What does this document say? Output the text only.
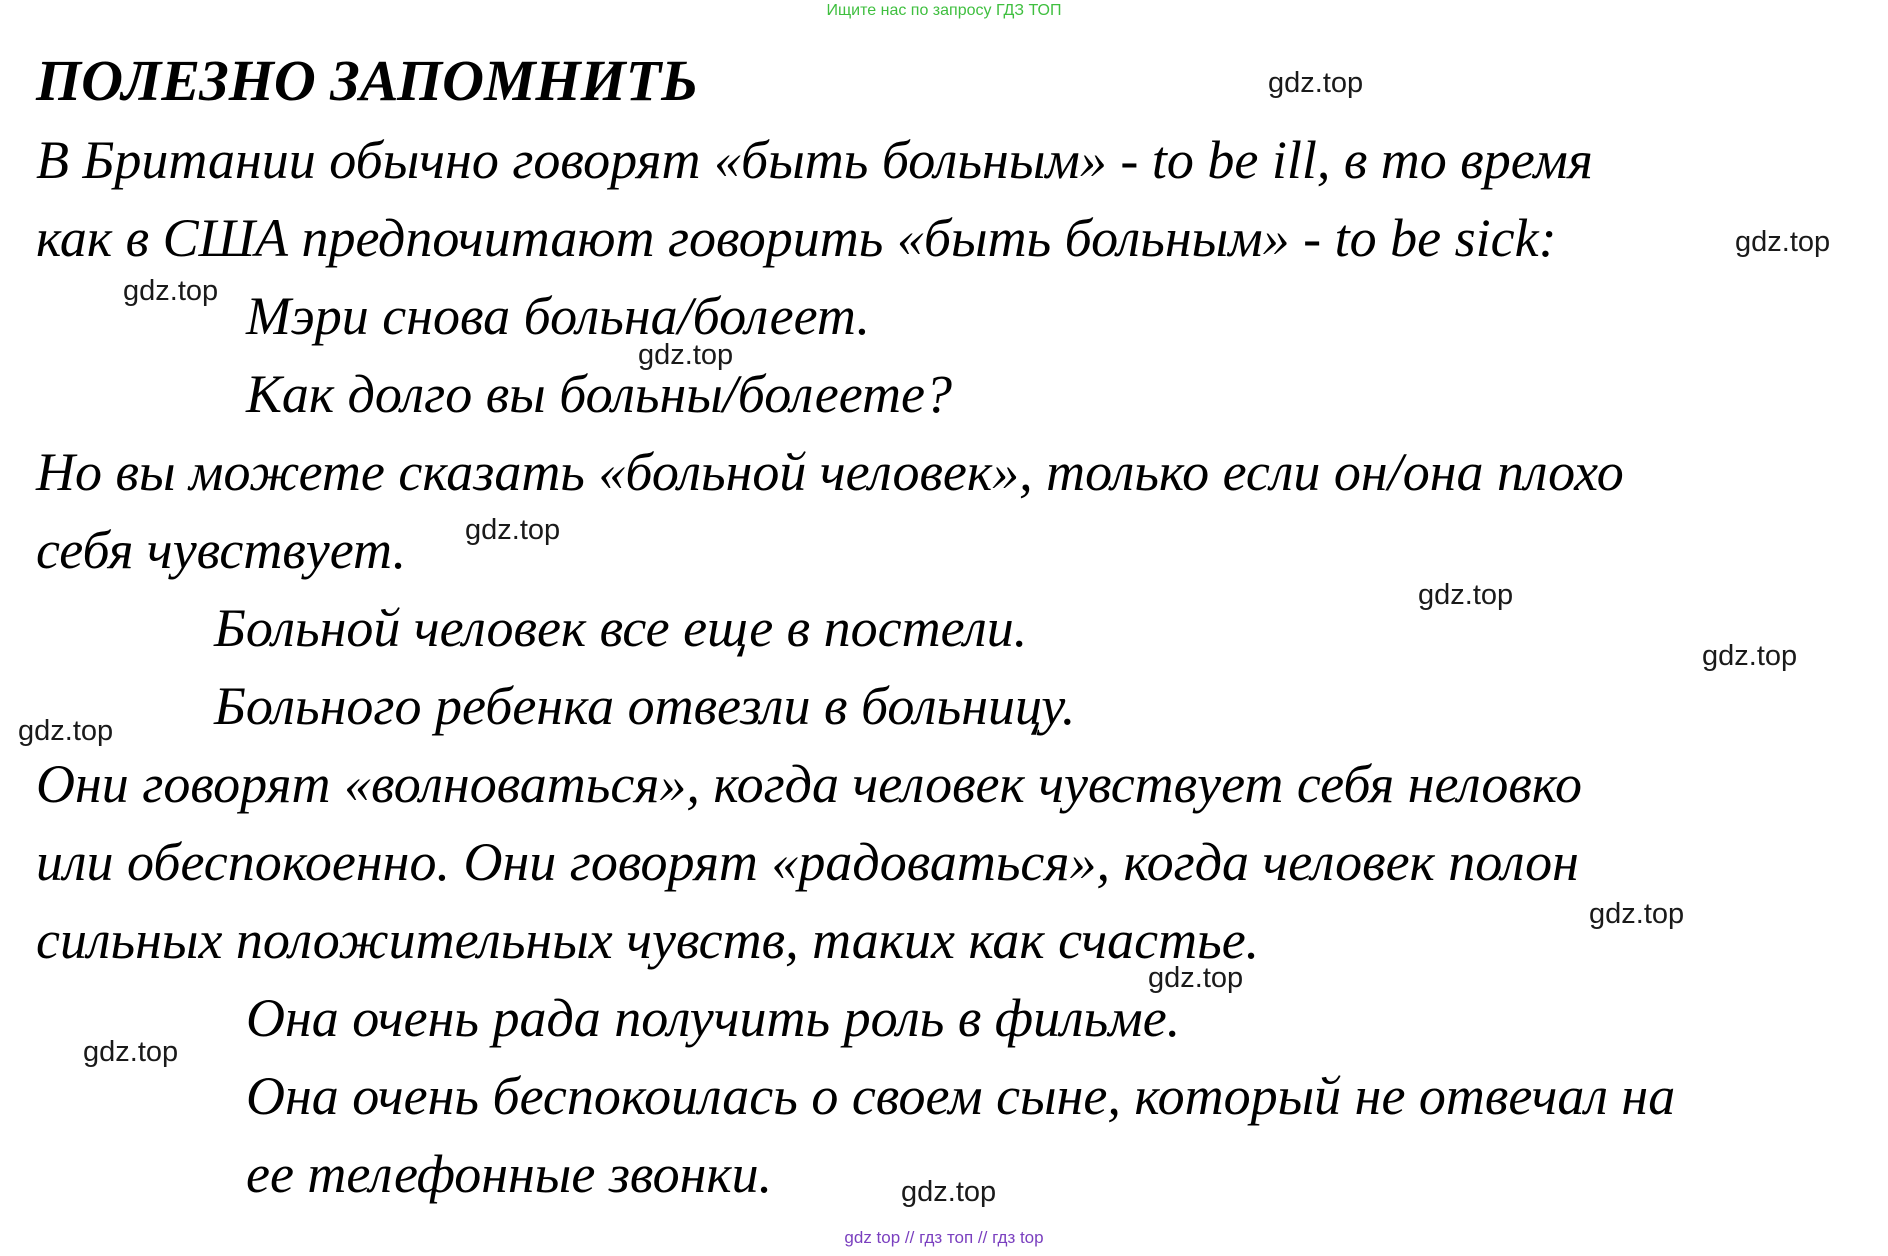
Ищите нас по запросу ГДЗ ТОП
ПОЛЕЗНО ЗАПОМНИТЬ
В Британии обычно говорят «быть больным» - to be ill, в то время
как в США предпочитают говорить «быть больным» - to be sick:
Мэри снова больна/болеет.
Как долго вы больны/болеете?
Но вы можете сказать «больной человек», только если он/она плохо
себя чувствует.
Больной человек все еще в постели.
Больного ребенка отвезли в больницу.
Они говорят «волноваться», когда человек чувствует себя неловко
или обеспокоенно. Они говорят «радоваться», когда человек полон
сильных положительных чувств, таких как счастье.
Она очень рада получить роль в фильме.
Она очень беспокоилась о своем сыне, который не отвечал на
ее телефонные звонки.
gdz.top
gdz.top
gdz.top
gdz.top
gdz.top
gdz.top
gdz.top
gdz.top
gdz.top
gdz.top
gdz.top
gdz.top
gdz top // гдз топ // гдз top
